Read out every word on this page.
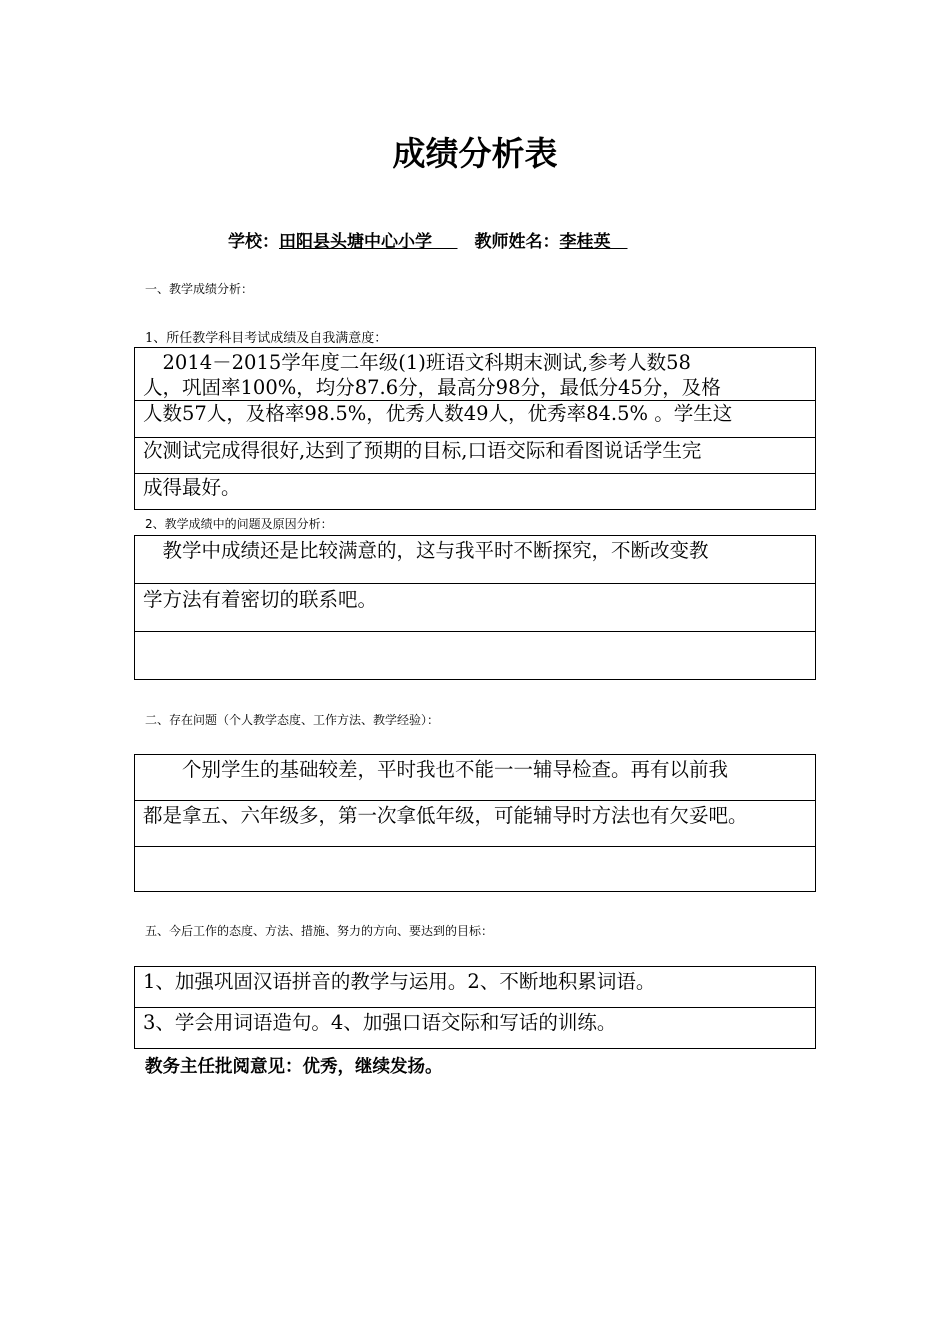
成绩分析表
学校：田阳县头塘中心小学　  	教师姓名：李桂英　
一、教学成绩分析：
1、所任教学科目考试成绩及自我满意度：
　2014－2015学年度二年级(1)班语文科期末测试,参考人数58
人，巩固率100%，均分87.6分，最高分98分，最低分45分，及格
人数57人，及格率98.5%，优秀人数49人，优秀率84.5% 。学生这
次测试完成得很好,达到了预期的目标,口语交际和看图说话学生完
成得最好。
2、教学成绩中的问题及原因分析：
　教学中成绩还是比较满意的，这与我平时不断探究，不断改变教
学方法有着密切的联系吧。
二、存在问题（个人教学态度、工作方法、教学经验）：
　　个别学生的基础较差，平时我也不能一一辅导检查。再有以前我
都是拿五、六年级多，第一次拿低年级，可能辅导时方法也有欠妥吧。
五、今后工作的态度、方法、措施、努力的方向、要达到的目标：
1、加强巩固汉语拼音的教学与运用。2、不断地积累词语。
3、学会用词语造句。4、加强口语交际和写话的训练。
教务主任批阅意见：优秀，继续发扬。
